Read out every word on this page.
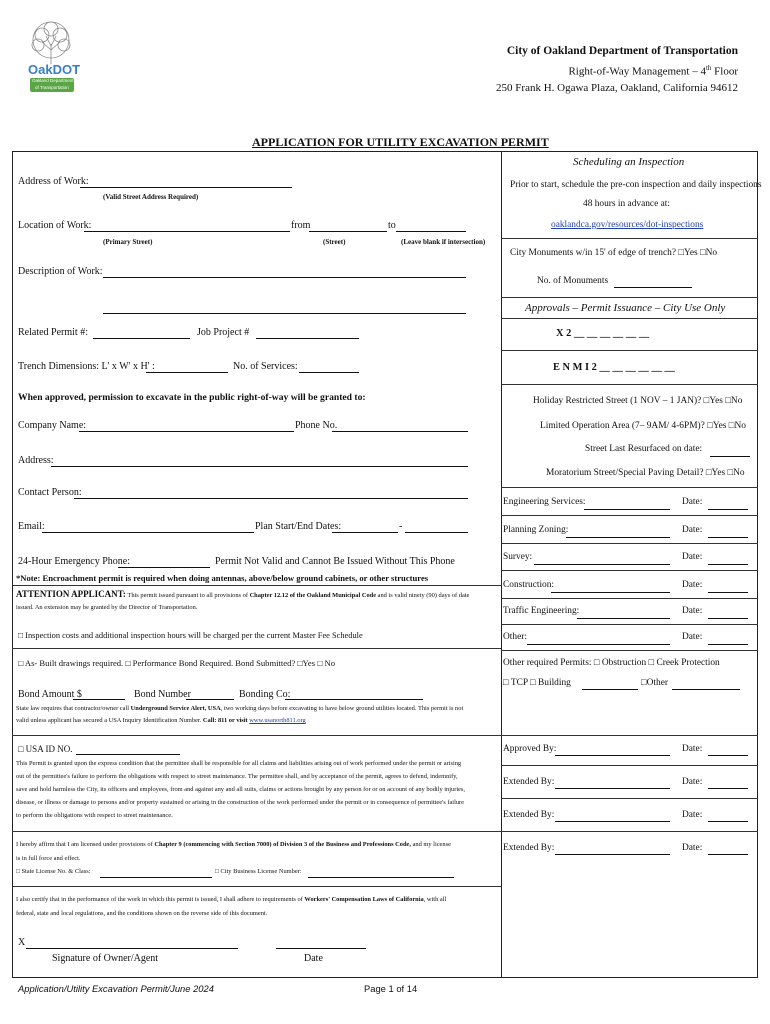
OakDOT
Oakland Department
of Transportation
City of Oakland Department of Transportation
Right-of-Way Management – 4th Floor
250 Frank H. Ogawa Plaza, Oakland, California 94612
APPLICATION FOR UTILITY EXCAVATION PERMIT
Address of Work:
(Valid Street Address Required)
Location of Work:	from	to
(Primary Street)	(Street)	(Leave blank if intersection)
Description of Work:
Related Permit #:	Job Project #
Trench Dimensions: L' x W' x H' :	No. of Services:
When approved, permission to excavate in the public right-of-way will be granted to:
Company Name:	Phone No.
Address:
Contact Person:
Email:	Plan Start/End Dates:	-
24-Hour Emergency Phone:	Permit Not Valid and Cannot Be Issued Without This Phone
*Note: Encroachment permit is required when doing antennas, above/below ground cabinets, or other structures
ATTENTION APPLICANT: This permit issued pursuant to all provisions of Chapter 12.12 of the Oakland Municipal Code and is valid ninety (90) days of date
issued. An extension may be granted by the Director of Transportation.
□ Inspection costs and additional inspection hours will be charged per the current Master Fee Schedule
□ As- Built drawings required. □ Performance Bond Required. Bond Submitted? □Yes □ No
Bond Amount $	Bond Number	Bonding Co:
State law requires that contractor/owner call Underground Service Alert, USA, two working days before excavating to have below ground utilities located. This permit is not
valid unless applicant has secured a USA Inquiry Identification Number. Call: 811 or visit www.usanorth811.org
□ USA ID NO.
This Permit is granted upon the express condition that the permittee shall be responsible for all claims and liabilities arising out of work performed under the permit or arising
out of the permittee's failure to perform the obligations with respect to street maintenance. The permittee shall, and by acceptance of the permit, agrees to defend, indemnify,
save and hold harmless the City, its officers and employees, from and against any and all suits, claims or actions brought by any person for or on account of any bodily injuries,
disease, or illness or damage to persons and/or property sustained or arising in the construction of the work performed under the permit or in consequence of permittee's failure
to perform the obligations with respect to street maintenance.
I hereby affirm that I am licensed under provisions of Chapter 9 (commencing with Section 7000) of Division 3 of the Business and Professions Code, and my license
is in full force and effect.
□ State License No. & Class:	□ City Business License Number:
I also certify that in the performance of the work in which this permit is issued, I shall adhere to requirements of Workers' Compensation Laws of California, with all
federal, state and local regulations, and the conditions shown on the reverse side of this document.
X
Signature of Owner/Agent	Date
Scheduling an Inspection
Prior to start, schedule the pre-con inspection and daily inspections
48 hours in advance at:
oaklandca.gov/resources/dot-inspections
City Monuments w/in 15' of edge of trench? □Yes □No
No. of Monuments
Approvals – Permit Issuance – City Use Only
X 2 __ __ __ __ __ __
E N M I 2 __ __ __ __ __ __
Holiday Restricted Street (1 NOV – 1 JAN)? □Yes □No
Limited Operation Area (7– 9AM/ 4-6PM)? □Yes □No
Street Last Resurfaced on date:
Moratorium Street/Special Paving Detail? □Yes □No
Engineering Services:	Date:
Planning Zoning:	Date:
Survey:	Date:
Construction:	Date:
Traffic Engineering:	Date:
Other:	Date:
Other required Permits: □ Obstruction □ Creek Protection
□ TCP □ Building	□Other
Approved By:	Date:
Extended By:	Date:
Extended By:	Date:
Extended By:	Date:
Application/Utility Excavation Permit/June 2024	Page 1 of 14
